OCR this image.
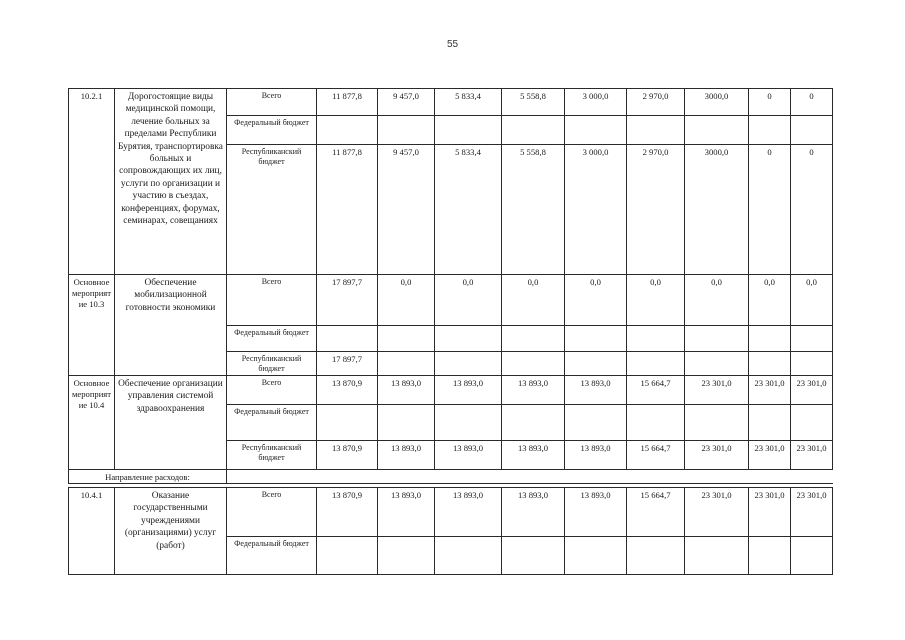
55
10.2.1	Дорогостоящие виды медицинской помощи, лечение больных за пределами Республики Бурятия, транспортировка больных и сопровождающих их лиц, услуги по организации и участию в съездах, конференциях, форумах, семинарах, совещаниях	Всего	11 877,8	9 457,0	5 833,4	5 558,8	3 000,0	2 970,0	3000,0	0	0
		Федеральный бюджет									
		Республиканский бюджет	11 877,8	9 457,0	5 833,4	5 558,8	3 000,0	2 970,0	3000,0	0	0
Основное мероприятие 10.3	Обеспечение мобилизационной готовности экономики	Всего	17 897,7	0,0	0,0	0,0	0,0	0,0	0,0	0,0	0,0
		Федеральный бюджет									
		Республиканский бюджет	17 897,7								
Основное мероприятие 10.4	Обеспечение организации управления системой здравоохранения	Всего	13 870,9	13 893,0	13 893,0	13 893,0	13 893,0	15 664,7	23 301,0	23 301,0	23 301,0
		Федеральный бюджет									
		Республиканский бюджет	13 870,9	13 893,0	13 893,0	13 893,0	13 893,0	15 664,7	23 301,0	23 301,0	23 301,0
Направление расходов:											

10.4.1	Оказание государственными учреждениями (организациями) услуг (работ)	Всего	13 870,9	13 893,0	13 893,0	13 893,0	13 893,0	15 664,7	23 301,0	23 301,0	23 301,0
		Федеральный бюджет									
